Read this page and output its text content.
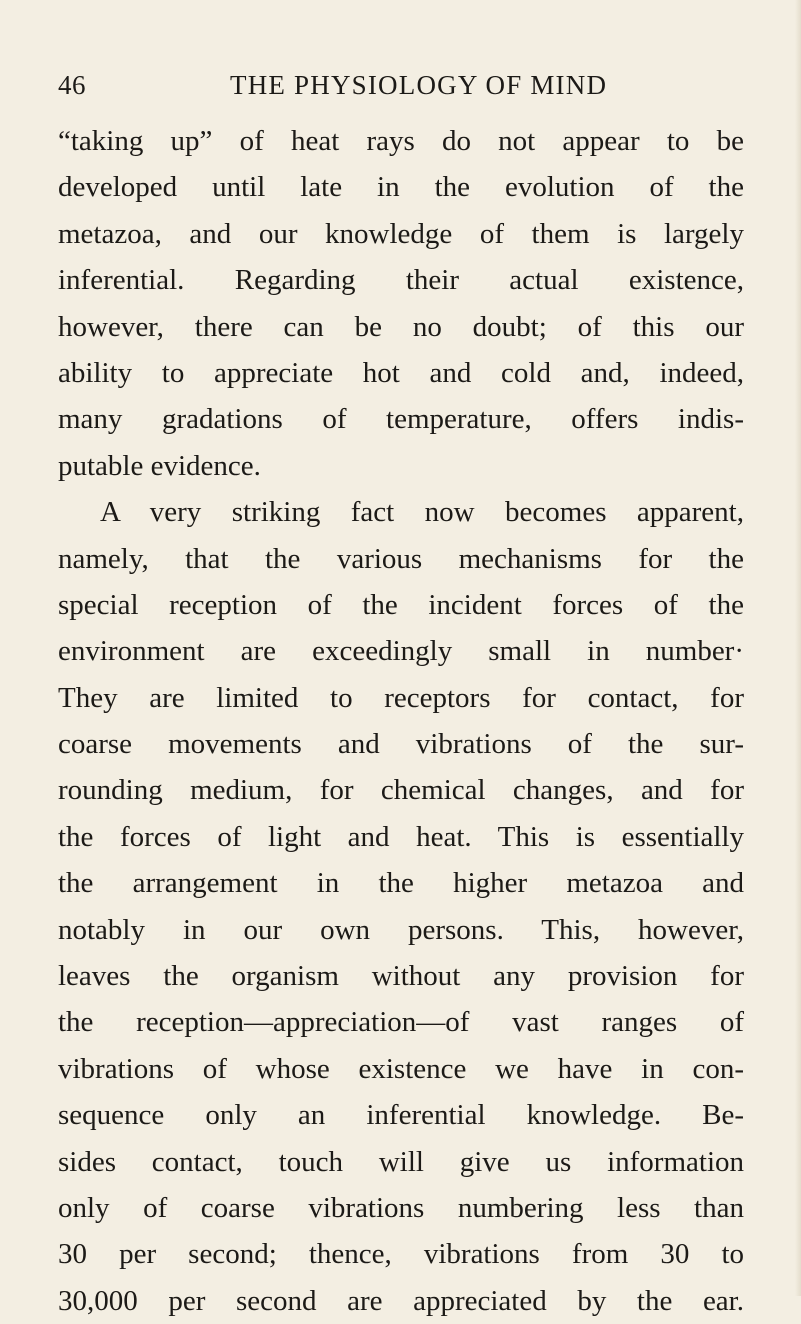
46	THE PHYSIOLOGY OF MIND
“taking up” of heat rays do not appear to be
developed until late in the evolution of the
metazoa, and our knowledge of them is largely
inferential. Regarding their actual existence,
however, there can be no doubt; of this our
ability to appreciate hot and cold and, indeed,
many gradations of temperature, offers indis-
putable evidence.
A very striking fact now becomes apparent,
namely, that the various mechanisms for the
special reception of the incident forces of the
environment are exceedingly small in number·
They are limited to receptors for contact, for
coarse movements and vibrations of the sur-
rounding medium, for chemical changes, and for
the forces of light and heat. This is essentially
the arrangement in the higher metazoa and
notably in our own persons. This, however,
leaves the organism without any provision for
the reception—appreciation—of vast ranges of
vibrations of whose existence we have in con-
sequence only an inferential knowledge. Be-
sides contact, touch will give us information
only of coarse vibrations numbering less than
30 per second; thence, vibrations from 30 to
30,000 per second are appreciated by the ear.
